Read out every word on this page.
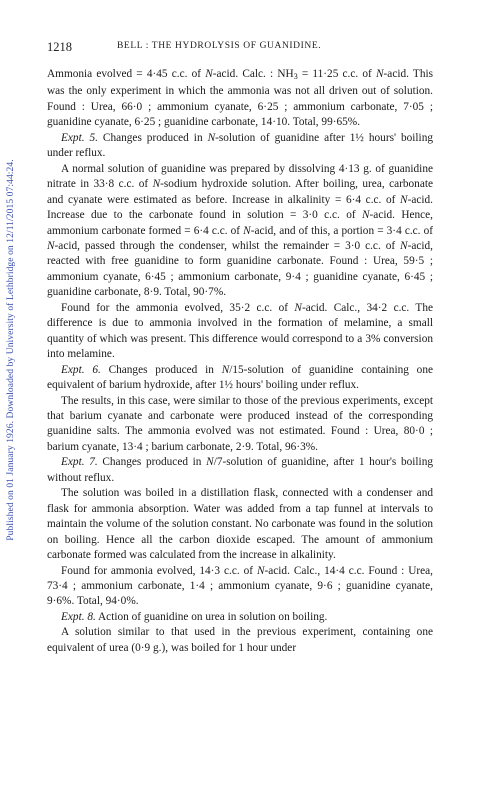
Published on 01 January 1926. Downloaded by University of Lethbridge on 12/11/2015 07:44:24.
1218	BELL : THE HYDROLYSIS OF GUANIDINE.

Ammonia evolved = 4·45 c.c. of N-acid. Calc. : $NH_3 = 11\cdot 25$ c.c. of N-acid. This was the only experiment in which the ammonia was not all driven out of solution. Found : Urea, 66·0 ; ammonium cyanate, 6·25 ; ammonium carbonate, 7·05 ; guanidine cyanate, 6·25 ; guanidine carbonate, 14·10. Total, 99·65%.

Expt. 5. Changes produced in N-solution of guanidine after 1½ hours' boiling under reflux.

A normal solution of guanidine was prepared by dissolving 4·13 g. of guanidine nitrate in 33·8 c.c. of N-sodium hydroxide solution. After boiling, urea, carbonate and cyanate were estimated as before. Increase in alkalinity = 6·4 c.c. of N-acid. Increase due to the carbonate found in solution = 3·0 c.c. of N-acid. Hence, ammonium carbonate formed = 6·4 c.c. of N-acid, and of this, a portion = 3·4 c.c. of N-acid, passed through the condenser, whilst the remainder = 3·0 c.c. of N-acid, reacted with free guanidine to form guanidine carbonate. Found : Urea, 59·5 ; ammonium cyanate, 6·45 ; ammonium carbonate, 9·4 ; guanidine cyanate, 6·45 ; guanidine carbonate, 8·9. Total, 90·7%.

Found for the ammonia evolved, 35·2 c.c. of N-acid. Calc., 34·2 c.c. The difference is due to ammonia involved in the formation of melamine, a small quantity of which was present. This difference would correspond to a 3% conversion into melamine.

Expt. 6. Changes produced in N/15-solution of guanidine containing one equivalent of barium hydroxide, after 1½ hours' boiling under reflux.

The results, in this case, were similar to those of the previous experiments, except that barium cyanate and carbonate were produced instead of the corresponding guanidine salts. The ammonia evolved was not estimated. Found : Urea, 80·0 ; barium cyanate, 13·4 ; barium carbonate, 2·9. Total, 96·3%.

Expt. 7. Changes produced in N/7-solution of guanidine, after 1 hour's boiling without reflux.

The solution was boiled in a distillation flask, connected with a condenser and flask for ammonia absorption. Water was added from a tap funnel at intervals to maintain the volume of the solution constant. No carbonate was found in the solution on boiling. Hence all the carbon dioxide escaped. The amount of ammonium carbonate formed was calculated from the increase in alkalinity.

Found for ammonia evolved, 14·3 c.c. of N-acid. Calc., 14·4 c.c. Found : Urea, 73·4 ; ammonium carbonate, 1·4 ; ammonium cyanate, 9·6 ; guanidine cyanate, 9·6%. Total, 94·0%.

Expt. 8. Action of guanidine on urea in solution on boiling.

A solution similar to that used in the previous experiment, containing one equivalent of urea (0·9 g.), was boiled for 1 hour under
